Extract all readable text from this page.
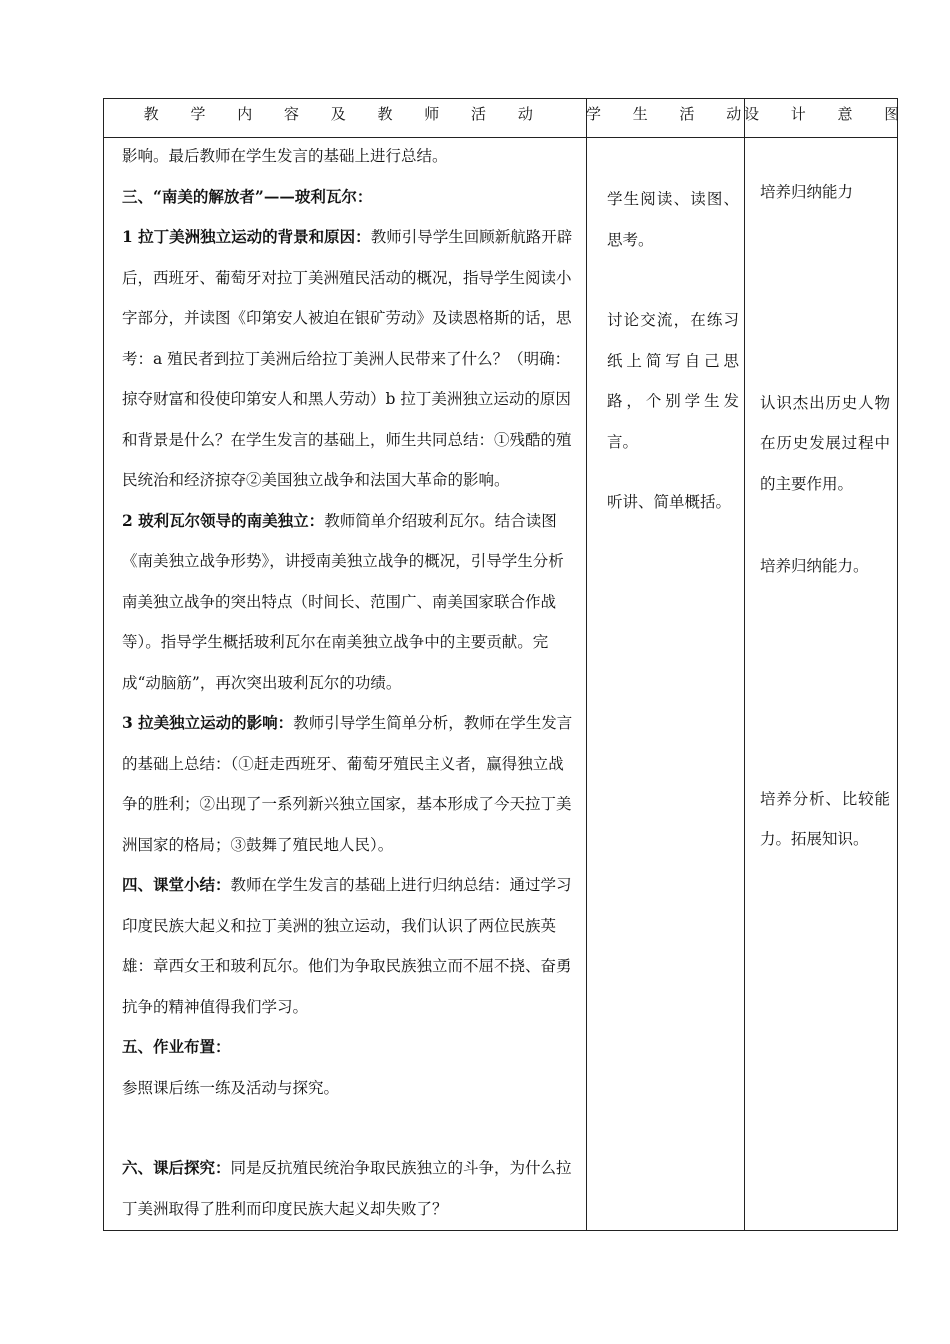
教 学 内 容 及 教 师 活 动	学 生 活 动
设 计 意 图

影响。最后教师在学生发言的基础上进行总结。

三、“南美的解放者”——玻利瓦尔：

1 拉丁美洲独立运动的背景和原因：教师引导学生回顾新航路开辟后，西班牙、葡萄牙对拉丁美洲殖民活动的概况，指导学生阅读小字部分，并读图《印第安人被迫在银矿劳动》及读恩格斯的话，思考：a 殖民者到拉丁美洲后给拉丁美洲人民带来了什么？（明确：掠夺财富和役使印第安人和黑人劳动）b 拉丁美洲独立运动的原因和背景是什么？在学生发言的基础上，师生共同总结：①残酷的殖民统治和经济掠夺②美国独立战争和法国大革命的影响。

2 玻利瓦尔领导的南美独立：教师简单介绍玻利瓦尔。结合读图《南美独立战争形势》，讲授南美独立战争的概况，引导学生分析南美独立战争的突出特点（时间长、范围广、南美国家联合作战等）。指导学生概括玻利瓦尔在南美独立战争中的主要贡献。完成“动脑筋”，再次突出玻利瓦尔的功绩。

3 拉美独立运动的影响：教师引导学生简单分析，教师在学生发言的基础上总结：（①赶走西班牙、葡萄牙殖民主义者，赢得独立战争的胜利；②出现了一系列新兴独立国家，基本形成了今天拉丁美洲国家的格局；③鼓舞了殖民地人民）。

四、课堂小结：教师在学生发言的基础上进行归纳总结：通过学习印度民族大起义和拉丁美洲的独立运动，我们认识了两位民族英雄：章西女王和玻利瓦尔。他们为争取民族独立而不屈不挠、奋勇抗争的精神值得我们学习。

五、作业布置：

参照课后练一练及活动与探究。

六、课后探究：同是反抗殖民统治争取民族独立的斗争，为什么拉丁美洲取得了胜利而印度民族大起义却失败了？

学生阅读、读图、思考。

讨论交流，在练习纸上简写自己思路，个别学生发言。

听讲、简单概括。

培养归纳能力

认识杰出历史人物在历史发展过程中的主要作用。

培养归纳能力。

培养分析、比较能力。拓展知识。
